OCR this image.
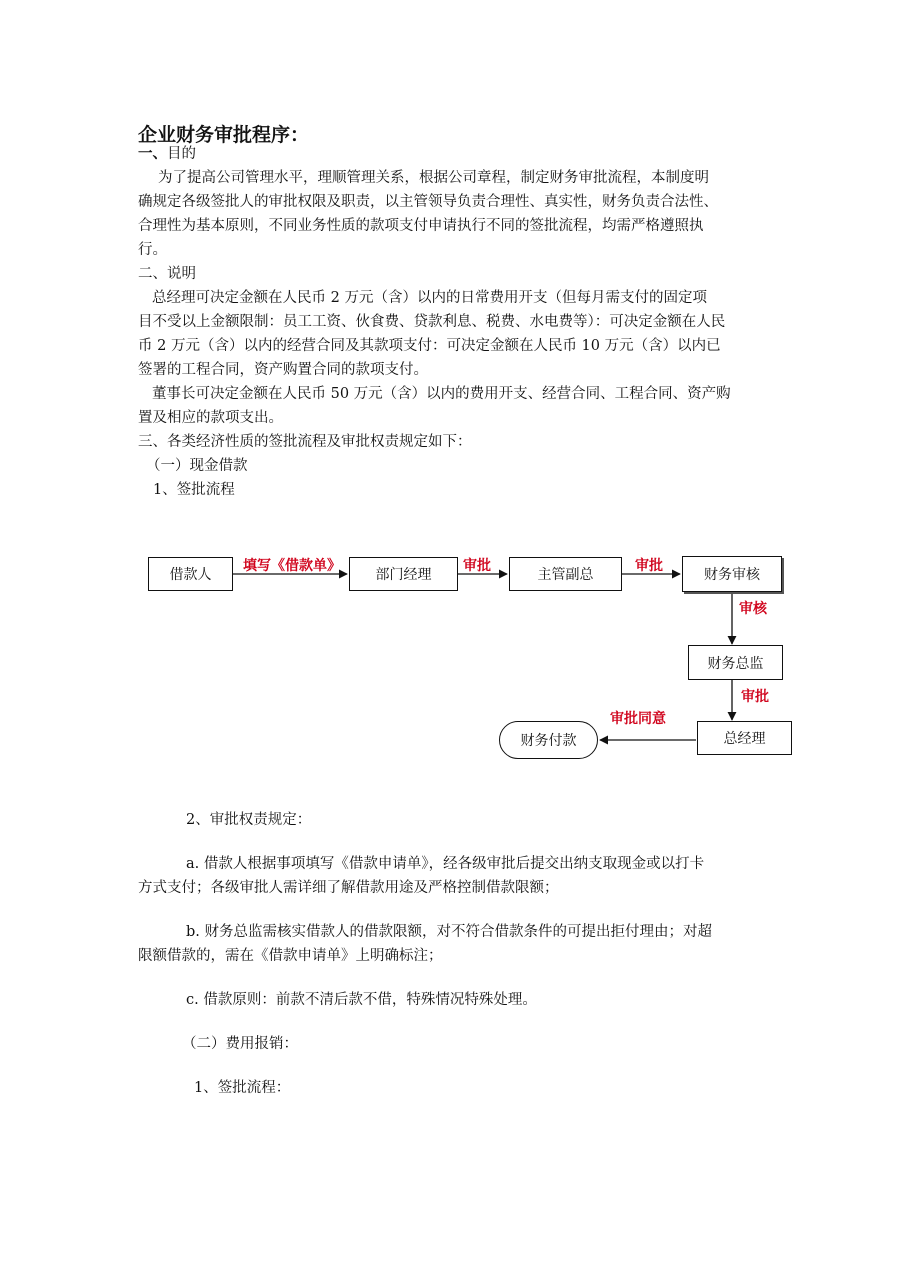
企业财务审批程序：
一、目的
为了提高公司管理水平，理顺管理关系，根据公司章程，制定财务审批流程，本制度明
确规定各级签批人的审批权限及职责，以主管领导负责合理性、真实性，财务负责合法性、
合理性为基本原则，不同业务性质的款项支付申请执行不同的签批流程，均需严格遵照执
行。
二、说明
总经理可决定金额在人民币 2 万元（含）以内的日常费用开支（但每月需支付的固定项
目不受以上金额限制：员工工资、伙食费、贷款利息、税费、水电费等）：可决定金额在人民
币 2 万元（含）以内的经营合同及其款项支付：可决定金额在人民币 10 万元（含）以内已
签署的工程合同，资产购置合同的款项支付。
董事长可决定金额在人民币 50 万元（含）以内的费用开支、经营合同、工程合同、资产购
置及相应的款项支出。
三、各类经济性质的签批流程及审批权责规定如下：
（一）现金借款
1、签批流程
借款人	部门经理	主管副总	财务审核
财务总监
总经理
财务付款
填写《借款单》	审批	审批
审核
审批
审批同意
2、审批权责规定：
a. 借款人根据事项填写《借款申请单》，经各级审批后提交出纳支取现金或以打卡
方式支付；各级审批人需详细了解借款用途及严格控制借款限额；
b. 财务总监需核实借款人的借款限额，对不符合借款条件的可提出拒付理由；对超
限额借款的，需在《借款申请单》上明确标注；
c. 借款原则：前款不清后款不借，特殊情况特殊处理。
（二）费用报销：
1、签批流程：
